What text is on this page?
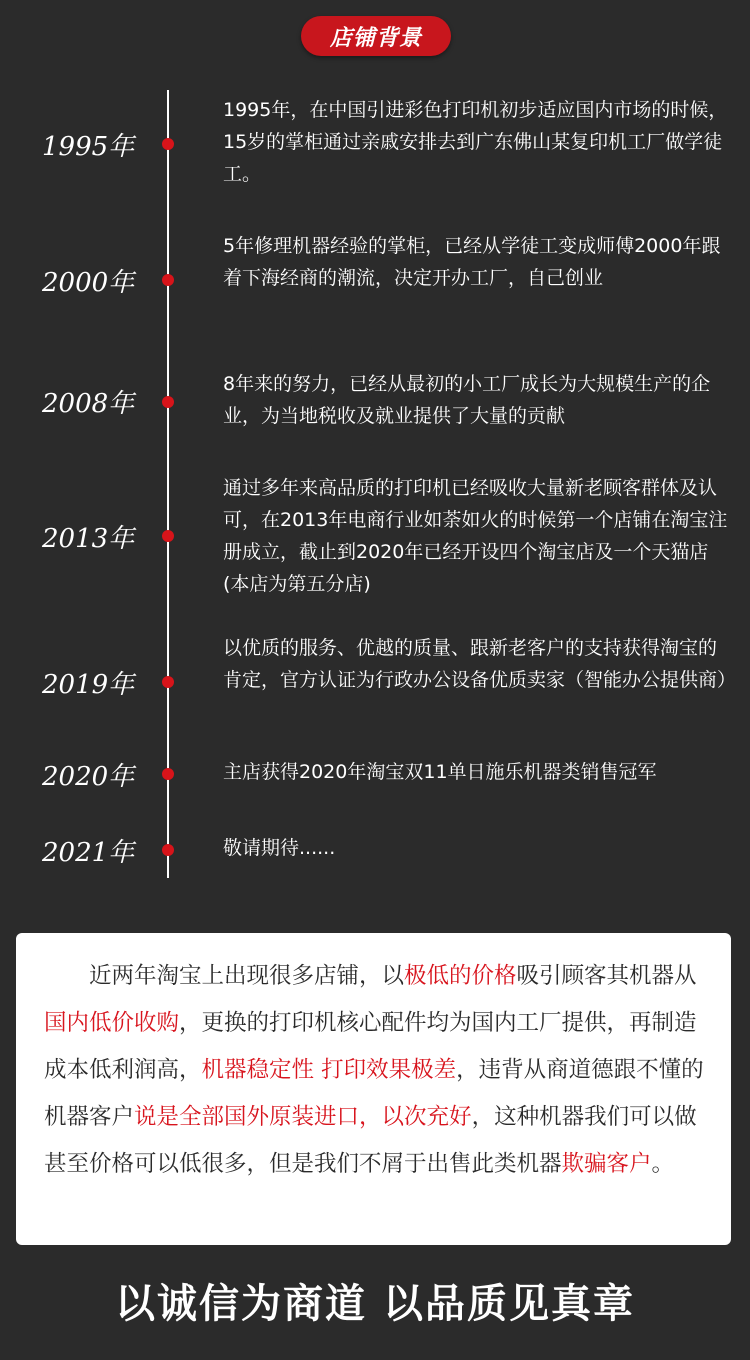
店铺背景
1995年
1995年，在中国引进彩色打印机初步适应国内市场的时候，15岁的掌柜通过亲戚安排去到广东佛山某复印机工厂做学徒工。
2000年
5年修理机器经验的掌柜，已经从学徒工变成师傅2000年跟着下海经商的潮流，决定开办工厂，自己创业
2008年
8年来的努力，已经从最初的小工厂成长为大规模生产的企业，为当地税收及就业提供了大量的贡献
2013年
通过多年来高品质的打印机已经吸收大量新老顾客群体及认可，在2013年电商行业如荼如火的时候第一个店铺在淘宝注册成立，截止到2020年已经开设四个淘宝店及一个天猫店(本店为第五分店)
2019年
以优质的服务、优越的质量、跟新老客户的支持获得淘宝的肯定，官方认证为行政办公设备优质卖家（智能办公提供商）
2020年	主店获得2020年淘宝双11单日施乐机器类销售冠军
2021年	敬请期待......

近两年淘宝上出现很多店铺，以极低的价格吸引顾客其机器从国内低价收购，更换的打印机核心配件均为国内工厂提供，再制造成本低利润高，机器稳定性 打印效果极差，违背从商道德跟不懂的机器客户说是全部国外原装进口，以次充好，这种机器我们可以做 甚至价格可以低很多，但是我们不屑于出售此类机器欺骗客户。

以诚信为商道 以品质见真章
